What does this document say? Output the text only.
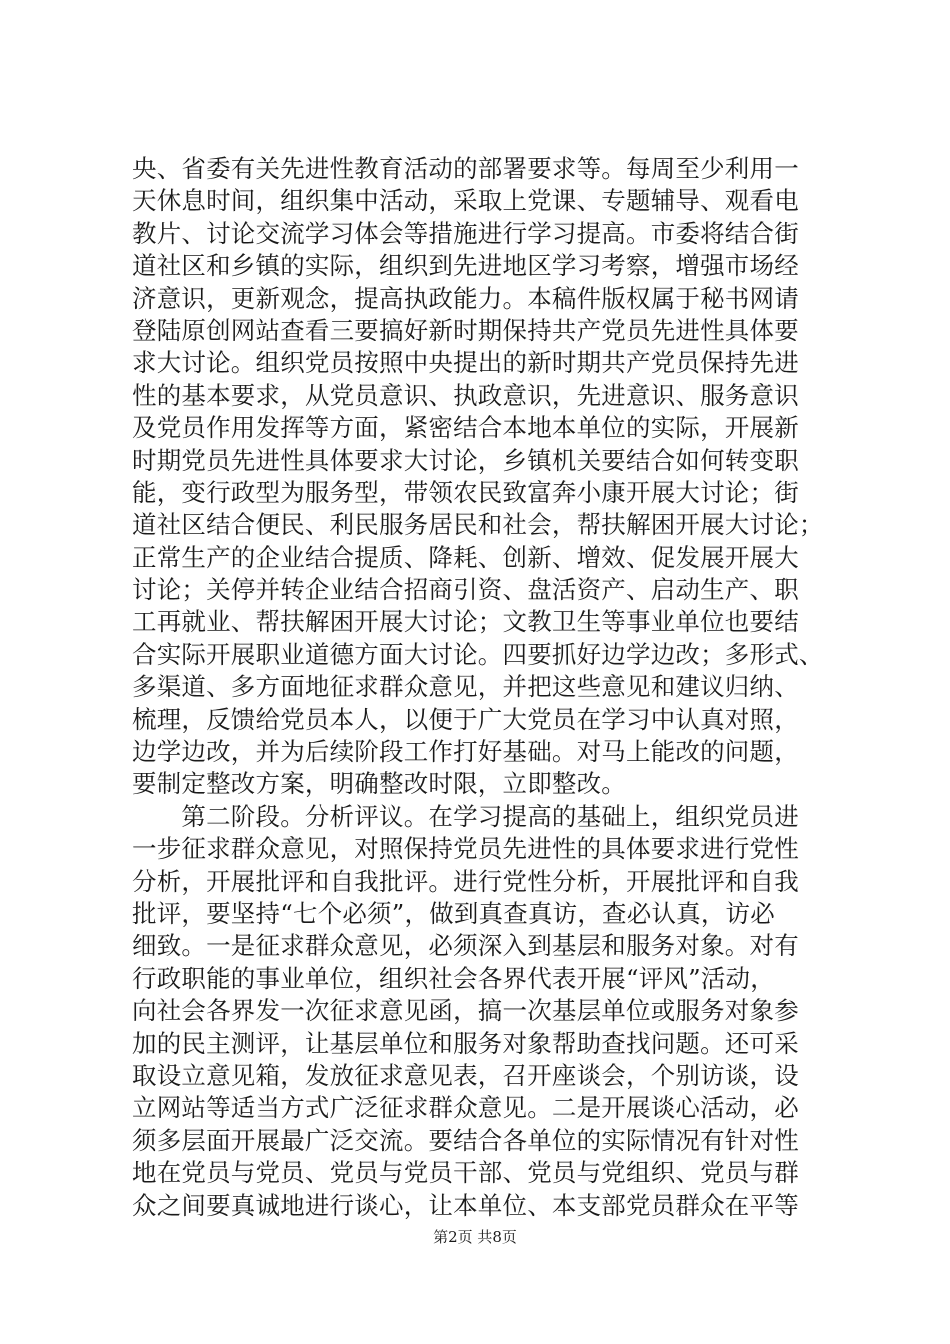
央、省委有关先进性教育活动的部署要求等。每周至少利用一
天休息时间，组织集中活动，采取上党课、专题辅导、观看电
教片、讨论交流学习体会等措施进行学习提高。市委将结合街
道社区和乡镇的实际，组织到先进地区学习考察，增强市场经
济意识，更新观念，提高执政能力。本稿件版权属于秘书网请
登陆原创网站查看三要搞好新时期保持共产党员先进性具体要
求大讨论。组织党员按照中央提出的新时期共产党员保持先进
性的基本要求，从党员意识、执政意识，先进意识、服务意识
及党员作用发挥等方面，紧密结合本地本单位的实际，开展新
时期党员先进性具体要求大讨论，乡镇机关要结合如何转变职
能，变行政型为服务型，带领农民致富奔小康开展大讨论；街
道社区结合便民、利民服务居民和社会，帮扶解困开展大讨论；
正常生产的企业结合提质、降耗、创新、增效、促发展开展大
讨论；关停并转企业结合招商引资、盘活资产、启动生产、职
工再就业、帮扶解困开展大讨论；文教卫生等事业单位也要结
合实际开展职业道德方面大讨论。四要抓好边学边改；多形式、
多渠道、多方面地征求群众意见，并把这些意见和建议归纳、
梳理，反馈给党员本人，以便于广大党员在学习中认真对照，
边学边改，并为后续阶段工作打好基础。对马上能改的问题，
要制定整改方案，明确整改时限，立即整改。
　　第二阶段。分析评议。在学习提高的基础上，组织党员进
一步征求群众意见，对照保持党员先进性的具体要求进行党性
分析，开展批评和自我批评。进行党性分析，开展批评和自我
批评，要坚持“七个必须”，做到真查真访，查必认真，访必
细致。一是征求群众意见，必须深入到基层和服务对象。对有
行政职能的事业单位，组织社会各界代表开展“评风”活动，
向社会各界发一次征求意见函，搞一次基层单位或服务对象参
加的民主测评，让基层单位和服务对象帮助查找问题。还可采
取设立意见箱，发放征求意见表，召开座谈会，个别访谈，设
立网站等适当方式广泛征求群众意见。二是开展谈心活动，必
须多层面开展最广泛交流。要结合各单位的实际情况有针对性
地在党员与党员、党员与党员干部、党员与党组织、党员与群
众之间要真诚地进行谈心，让本单位、本支部党员群众在平等
第2页 共8页
